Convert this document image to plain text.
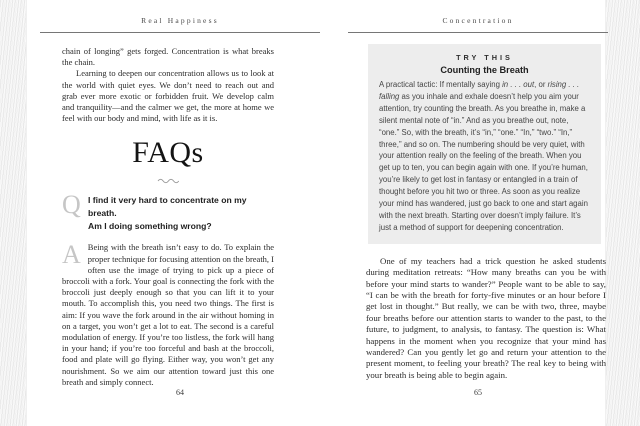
Real Happiness

chain of longing” gets forged. Concentration is what breaks the chain.

Learning to deepen our concentration allows us to look at the world with quiet eyes. We don’t need to reach out and grab ever more exotic or forbidden fruit. We develop calm and tranquility—and the calmer we get, the more at home we feel with our body and mind, with life as it is.

FAQs
Q I find it very hard to concentrate on my breath.
Am I doing something wrong?
A Being with the breath isn’t easy to do. To explain the proper technique for focusing attention on the breath, I often use the image of trying to pick up a piece of broccoli with a fork. Your goal is connecting the fork with the broccoli just deeply enough so that you can lift it to your mouth. To accomplish this, you need two things. The first is aim: If you wave the fork around in the air without homing in on a target, you won’t get a lot to eat. The second is a careful modulation of energy. If you’re too listless, the fork will hang in your hand; if you’re too forceful and bash at the broccoli, food and plate will go flying. Either way, you won’t get any nourishment. So we aim our attention toward just this one breath and simply connect.

64
Concentration
TRY THIS
Counting the Breath
A practical tactic: If mentally saying in . . . out, or rising . . . falling as you inhale and exhale doesn’t help you aim your attention, try counting the breath. As you breathe in, make a silent mental note of “in.” And as you breathe out, note, “one.” So, with the breath, it’s “in,” “one.” “In,” “two.” “In,” three,” and so on. The numbering should be very quiet, with your attention really on the feeling of the breath. When you get up to ten, you can begin again with one. If you’re human, you’re likely to get lost in fantasy or entangled in a train of thought before you hit two or three. As soon as you realize your mind has wandered, just go back to one and start again with the next breath. Starting over doesn’t imply failure. It’s just a method of support for deepening concentration.

One of my teachers had a trick question he asked students during meditation retreats: “How many breaths can you be with before your mind starts to wander?” People want to be able to say, “I can be with the breath for forty-five minutes or an hour before I get lost in thought.” But really, we can be with two, three, maybe four breaths before our attention starts to wander to the past, to the future, to judgment, to analysis, to fantasy. The question is: What happens in the moment when you recognize that your mind has wandered? Can you gently let go and return your attention to the present moment, to feeling your breath? The real key to being with your breath is being able to begin again.

65
